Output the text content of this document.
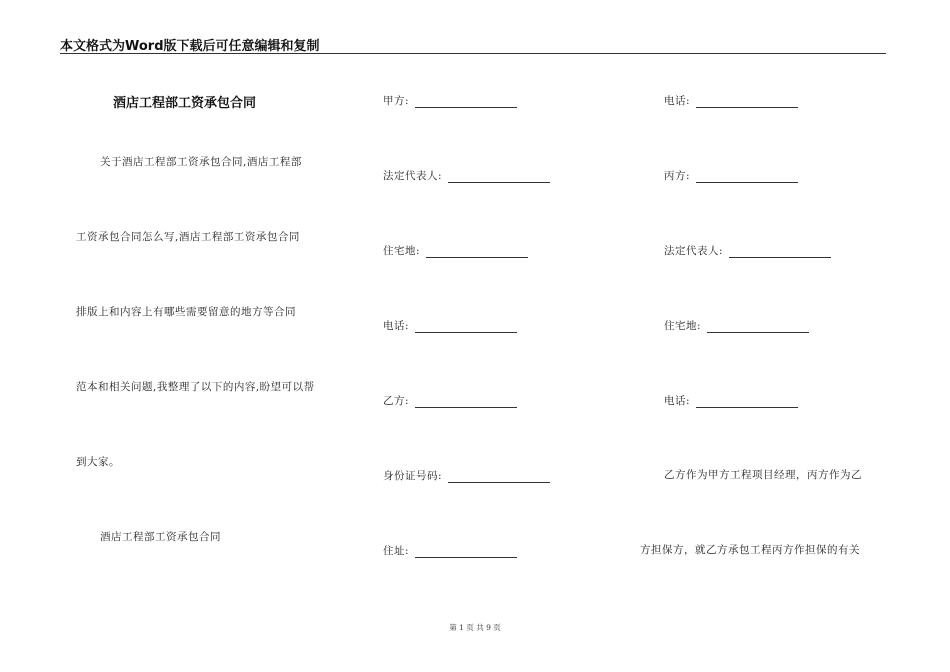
本文格式为Word版下载后可任意编辑和复制
酒店工程部工资承包合同
关于酒店工程部工资承包合同,酒店工程部
工资承包合同怎么写,酒店工程部工资承包合同
排版上和内容上有哪些需要留意的地方等合同
范本和相关问题,我整理了以下的内容,盼望可以帮
到大家。
酒店工程部工资承包合同
甲方:
法定代表人:
住宅地:
电话:
乙方:
身份证号码:
住址:
电话:
丙方:
法定代表人:
住宅地:
电话:
乙方作为甲方工程项目经理，丙方作为乙
方担保方，就乙方承包工程丙方作担保的有关
第 1 页 共 9 页
